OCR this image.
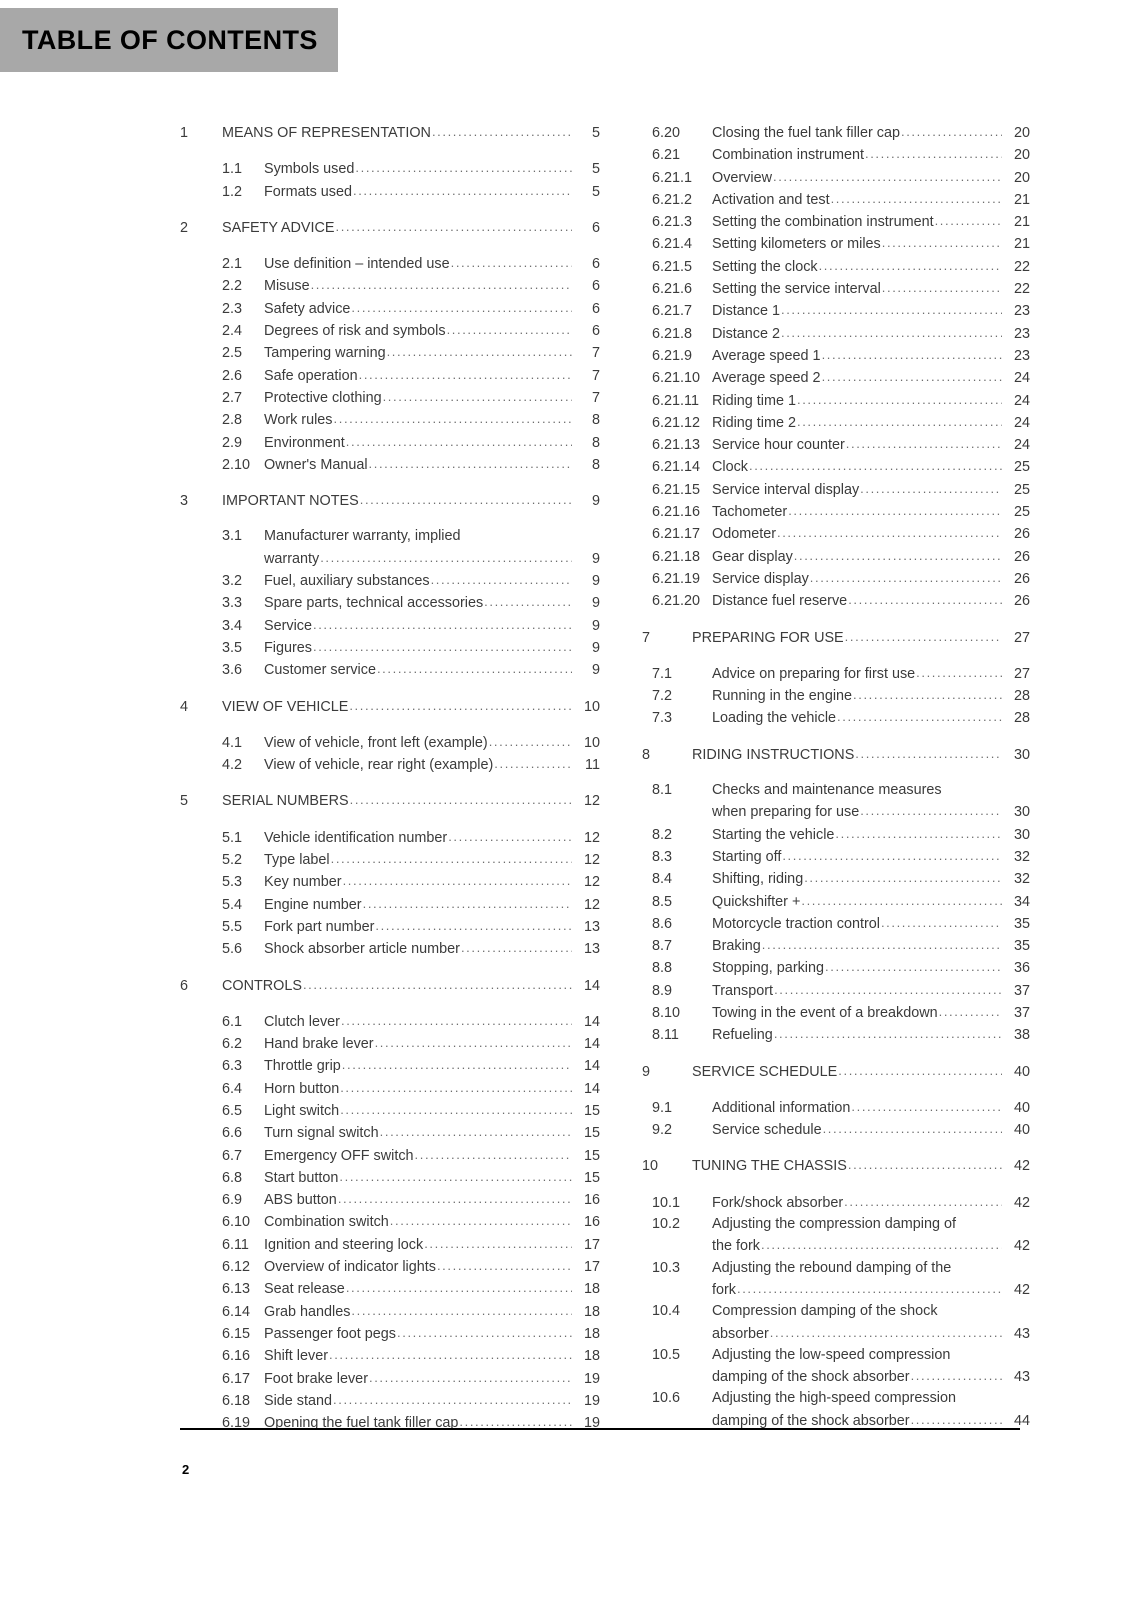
TABLE OF CONTENTS
1	MEANS OF REPRESENTATION .....	5
1.1	Symbols used .....	5
1.2	Formats used .....	5
2	SAFETY ADVICE .....	6
2.1	Use definition – intended use .....	6
2.2	Misuse .....	6
2.3	Safety advice .....	6
2.4	Degrees of risk and symbols .....	6
2.5	Tampering warning .....	7
2.6	Safe operation .....	7
2.7	Protective clothing .....	7
2.8	Work rules .....	8
2.9	Environment .....	8
2.10 Owner's Manual .....	8
3	IMPORTANT NOTES .....	9
3.1	Manufacturer warranty, implied
warranty .....	9
3.2	Fuel, auxiliary substances .....	9
3.3	Spare parts, technical accessories .....	9
3.4	Service .....	9
3.5	Figures .....	9
3.6	Customer service .....	9
4	VIEW OF VEHICLE .....	10
4.1	View of vehicle, front left (example) .....	10
4.2	View of vehicle, rear right (example) .....	11
5	SERIAL NUMBERS .....	12
5.1	Vehicle identification number .....	12
5.2	Type label .....	12
5.3	Key number .....	12
5.4	Engine number .....	12
5.5	Fork part number .....	13
5.6	Shock absorber article number .....	13
6	CONTROLS .....	14
6.1	Clutch lever .....	14
6.2	Hand brake lever .....	14
6.3	Throttle grip .....	14
6.4	Horn button .....	14
6.5	Light switch .....	15
6.6	Turn signal switch .....	15
6.7	Emergency OFF switch .....	15
6.8	Start button .....	15
6.9	ABS button .....	16
6.10 Combination switch .....	16
6.11	Ignition and steering lock .....	17
6.12 Overview of indicator lights .....	17
6.13 Seat release .....	18
6.14 Grab handles .....	18
6.15 Passenger foot pegs .....	18
6.16 Shift lever .....	18
6.17 Foot brake lever .....	19
6.18 Side stand .....	19
6.19 Opening the fuel tank filler cap .....	19
6.20	Closing the fuel tank filler cap .....	20
6.21	Combination instrument .....	20
6.21.1	Overview .....	20
6.21.2	Activation and test .....	21
6.21.3	Setting the combination instrument .....	21
6.21.4	Setting kilometers or miles .....	21
6.21.5	Setting the clock .....	22
6.21.6	Setting the service interval .....	22
6.21.7	Distance 1 .....	23
6.21.8	Distance 2 .....	23
6.21.9	Average speed 1 .....	23
6.21.10 Average speed 2 .....	24
6.21.11 Riding time 1 .....	24
6.21.12 Riding time 2 .....	24
6.21.13 Service hour counter .....	24
6.21.14 Clock .....	25
6.21.15 Service interval display .....	25
6.21.16 Tachometer .....	25
6.21.17 Odometer .....	26
6.21.18 Gear display .....	26
6.21.19 Service display .....	26
6.21.20 Distance fuel reserve .....	26
7	PREPARING FOR USE .....	27
7.1	Advice on preparing for first use .....	27
7.2	Running in the engine .....	28
7.3	Loading the vehicle .....	28
8	RIDING INSTRUCTIONS .....	30
8.1	Checks and maintenance measures
when preparing for use .....	30
8.2	Starting the vehicle .....	30
8.3	Starting off .....	32
8.4	Shifting, riding .....	32
8.5	Quickshifter + .....	34
8.6	Motorcycle traction control .....	35
8.7	Braking .....	35
8.8	Stopping, parking .....	36
8.9	Transport .....	37
8.10	Towing in the event of a breakdown .....	37
8.11	Refueling .....	38
9	SERVICE SCHEDULE .....	40
9.1	Additional information .....	40
9.2	Service schedule .....	40
10	TUNING THE CHASSIS .....	42
10.1	Fork/shock absorber .....	42
10.2	Adjusting the compression damping of
the fork .....	42
10.3	Adjusting the rebound damping of the
fork .....	42
10.4	Compression damping of the shock
absorber .....	43
10.5	Adjusting the low-speed compression
damping of the shock absorber .....	43
10.6	Adjusting the high-speed compression
damping of the shock absorber .....	44
2
